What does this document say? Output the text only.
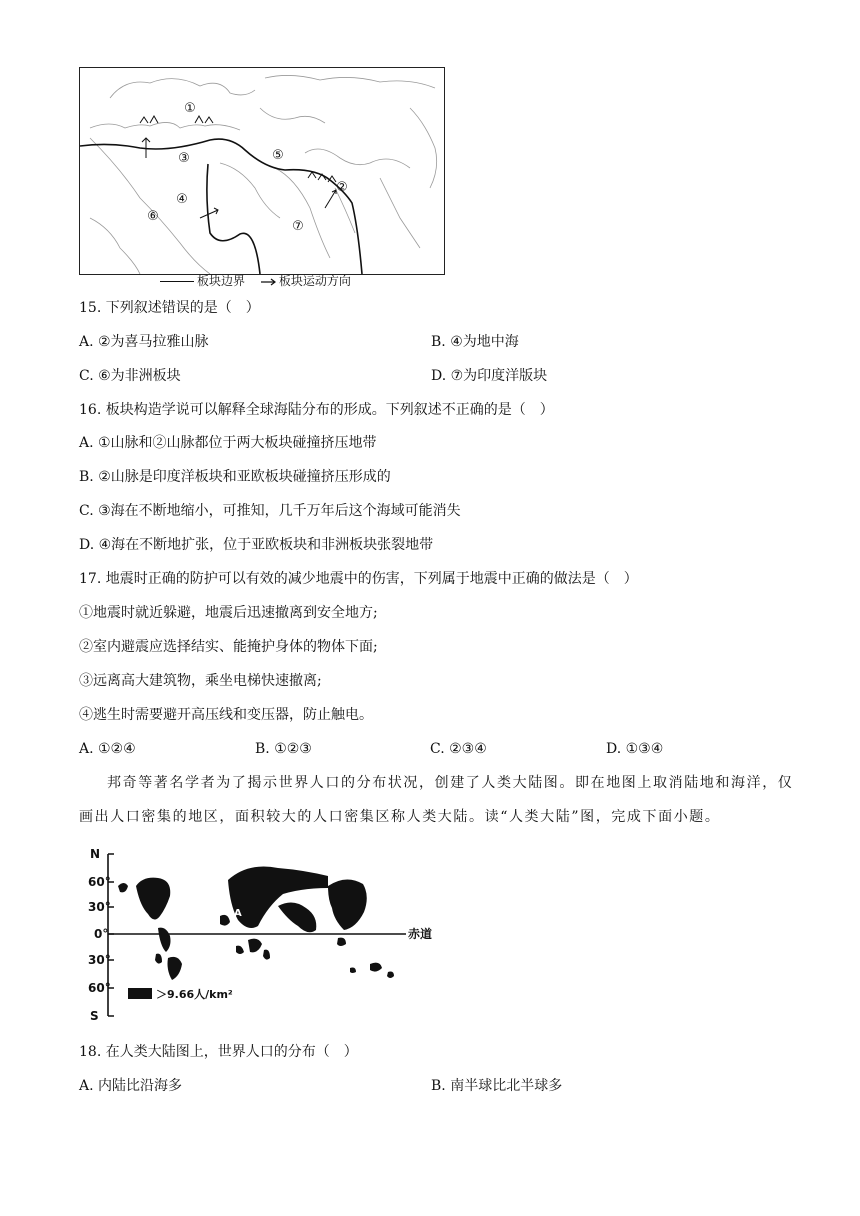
①
②
③
④
⑤
⑥
⑦
板块边界	板块运动方向
15. 下列叙述错误的是（　）
A. ②为喜马拉雅山脉	B. ④为地中海
C. ⑥为非洲板块	D. ⑦为印度洋版块
16. 板块构造学说可以解释全球海陆分布的形成。下列叙述不正确的是（　）
A. ①山脉和②山脉都位于两大板块碰撞挤压地带
B. ②山脉是印度洋板块和亚欧板块碰撞挤压形成的
C. ③海在不断地缩小，可推知，几千万年后这个海域可能消失
D. ④海在不断地扩张，位于亚欧板块和非洲板块张裂地带
17. 地震时正确的防护可以有效的减少地震中的伤害，下列属于地震中正确的做法是（　）
①地震时就近躲避，地震后迅速撤离到安全地方;
②室内避震应选择结实、能掩护身体的物体下面;
③远离高大建筑物，乘坐电梯快速撤离;
④逃生时需要避开高压线和变压器，防止触电。
A. ①②④	B. ①②③	C. ②③④	D. ①③④
邦奇等著名学者为了揭示世界人口的分布状况，创建了人类大陆图。即在地图上取消陆地和海洋，仅
画出人口密集的地区，面积较大的人口密集区称人类大陆。读“人类大陆”图，完成下面小题。
N
S
60°
30°
0°
30°
60°
赤道
A
＞9.66人/km²
18. 在人类大陆图上，世界人口的分布（　）
A. 内陆比沿海多	B. 南半球比北半球多
